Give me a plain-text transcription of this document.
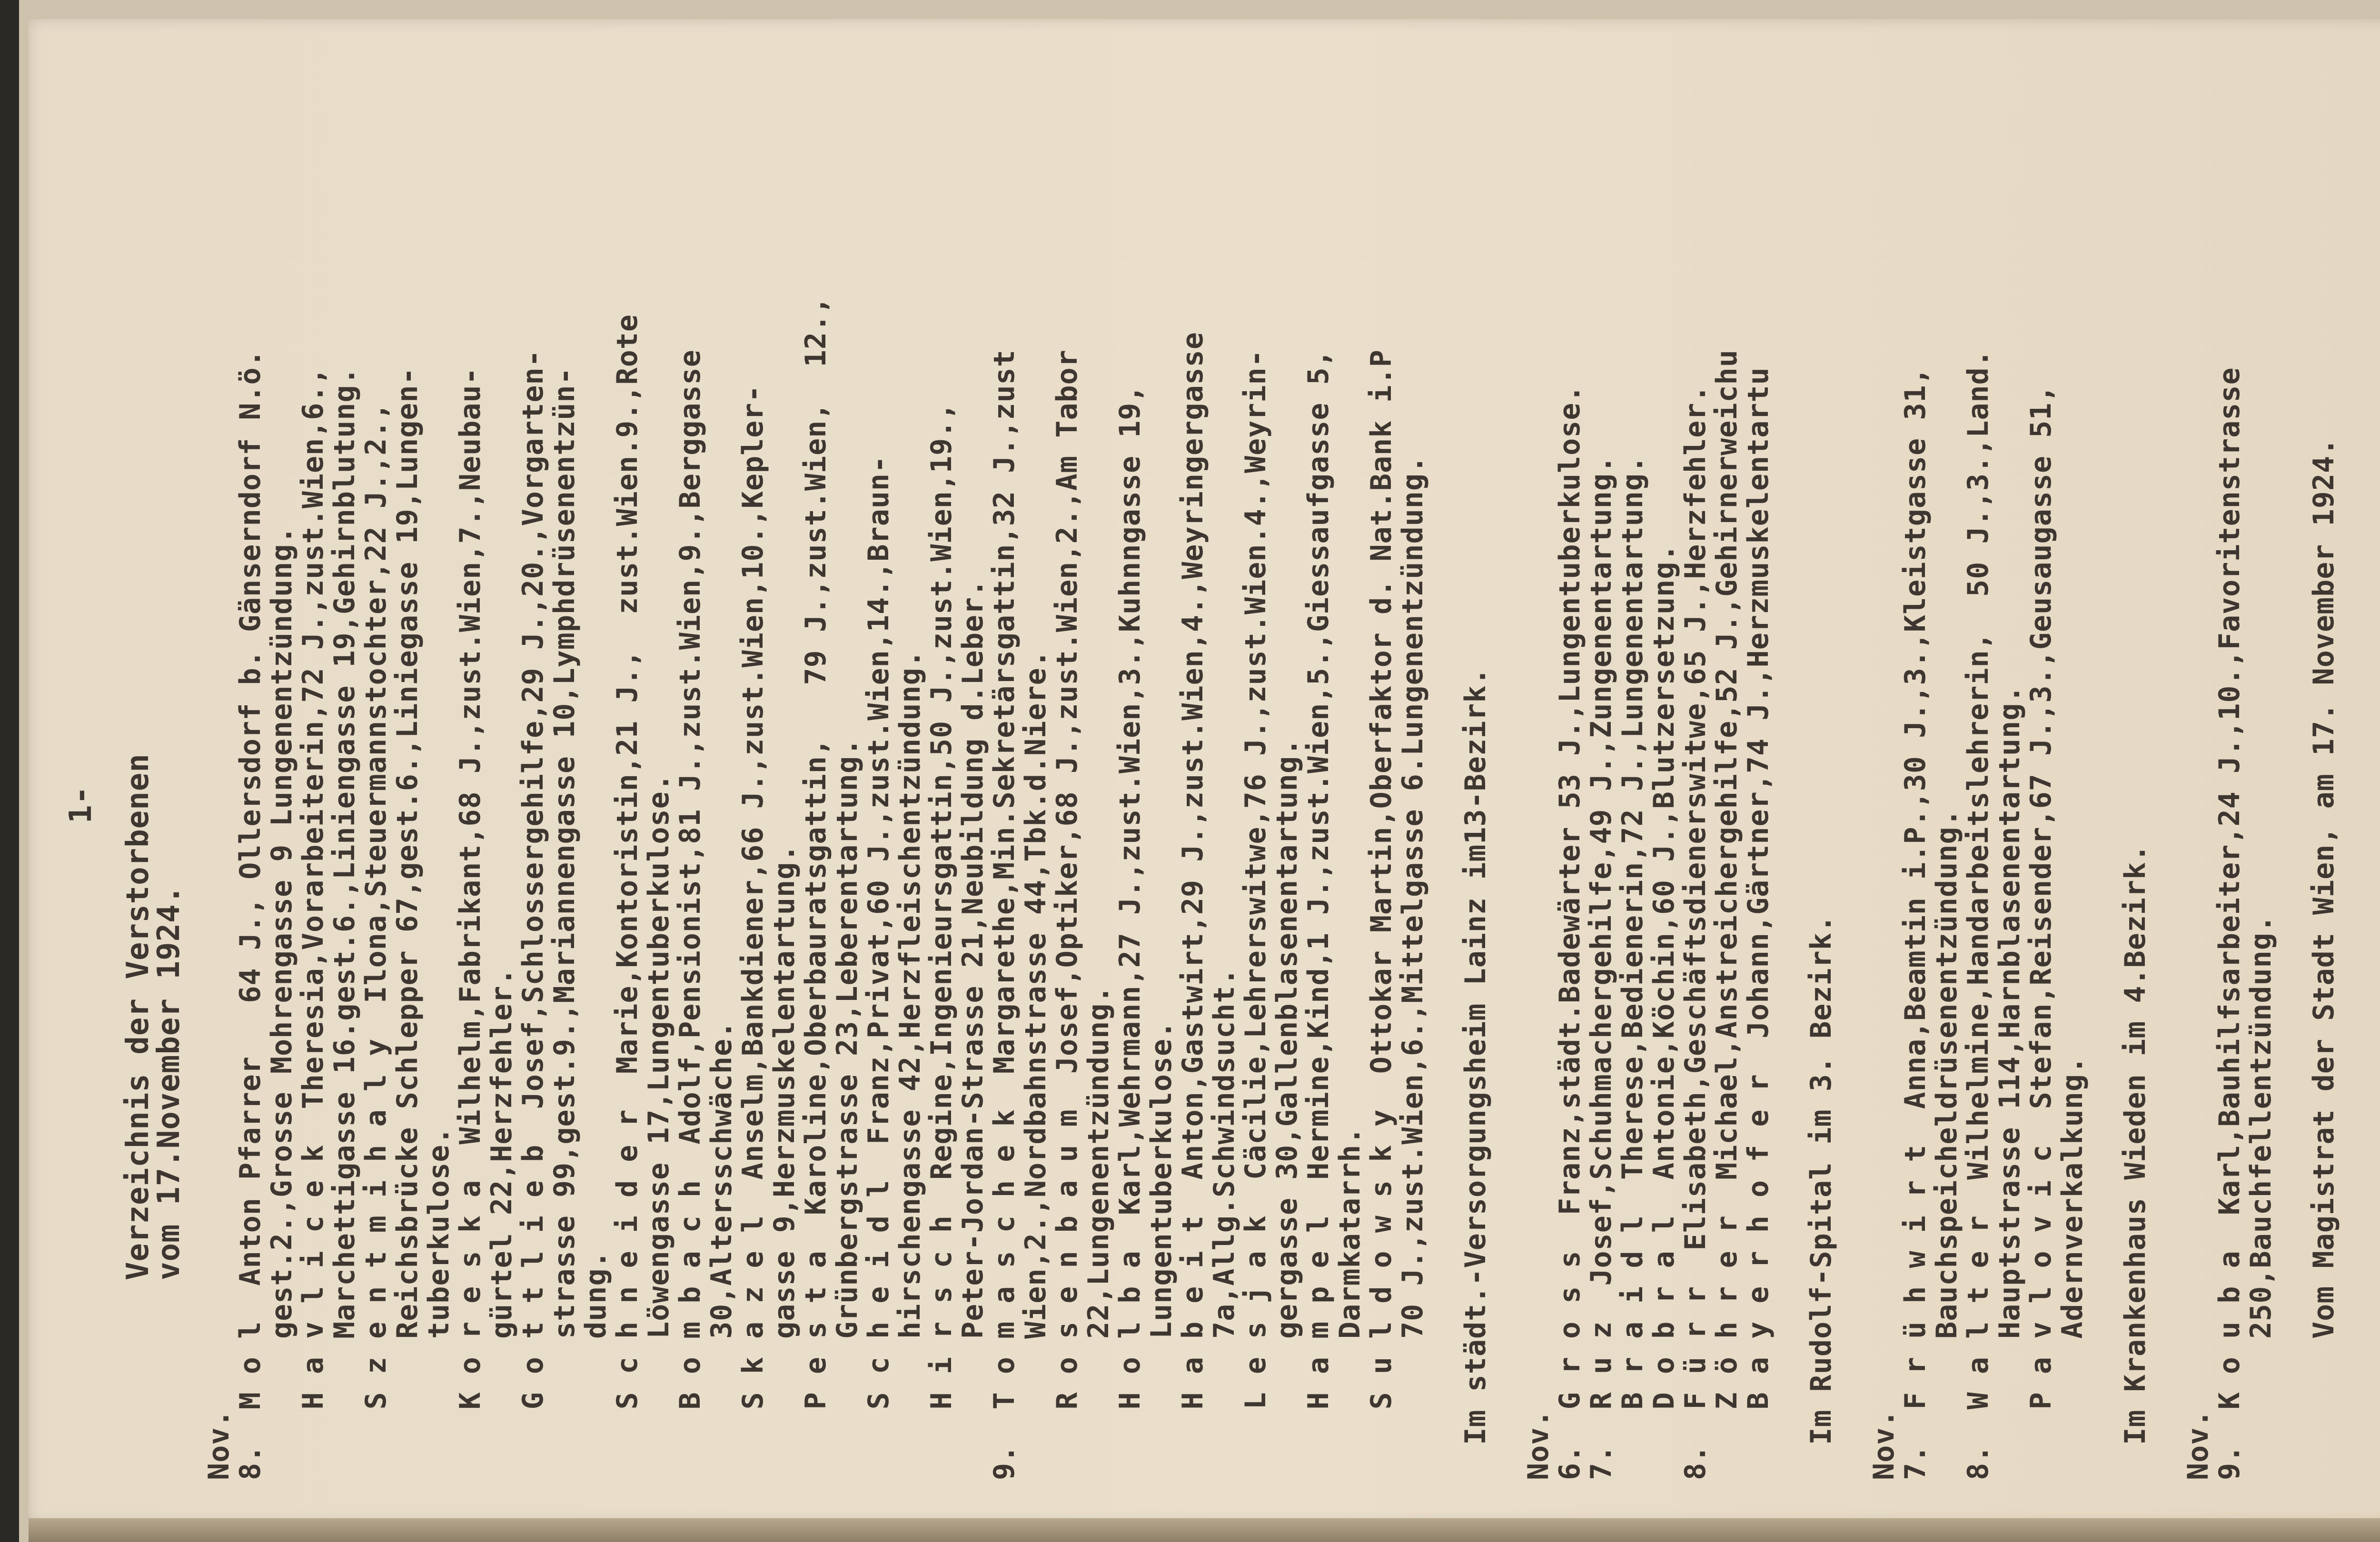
1- Verzeichnis der Verstorbenen
vom 17.November 1924.
Nov.
8.  M o l  Anton Pfarrer   64 J., Ollersdorf b. Gänserndorf N.ö.
gest.2.,Grosse Mohrengasse 9 Lungenentzündung.
H a v l i c e k  Theresia,Vorarbeiterin,72 J.,zust.Wien,6.,
Marchettigasse 16.gest.6.,Liniengasse 19,Gehirnblutung.
S z e n t m i h a l y  Ilona,Steuermannstochter,22 J.,2.,
Reichsbrücke Schlepper 67,gest.6.,Liniegasse 19,Lungen-
tuberkulose.
K o r e s k a  Wilhelm,Fabrikant,68 J.,zust.Wien,7.,Neubau-
gürtel 22,Herzfehler.
G o t t l i e b  Josef,Schlossergehilfe,29 J.,20.,Vorgarten-
strasse 99,gest.9.,Mariannengasse 10,Lymphdrüsenentzün-
dung.
S c h n e i d e r  Marie,Kontoristin,21 J.,  zust.Wien.9.,Rote
Löwengasse 17,Lungentuberkulose.
B o m b a c h  Adolf,Pensionist,81 J.,zust.Wien,9.,Berggasse
30,Altersschwäche.
S k a z e l  Anselm,Bankdiener,66 J.,zust.Wien,10.,Kepler-
gasse 9,Herzmuskelentartung.
P e s t a  Karoline,Oberbauratsgattin,   79 J.,zust.Wien,  12.,
Grünbergstrasse 23,Leberentartung.
S c h e i d l  Franz,Privat,60 J.,zust.Wien,14.,Braun-
hirschengasse 42,Herzfleischentzündung.
H i r s c h  Regine,Ingenieursgattin,50 J.,zust.Wien,19.,
Peter-Jordan-Strasse 21,Neubildung d.Leber.
9.  T o m a s c h e k  Margarethe,Min.Sekretärsgattin,32 J.,zust
Wien,2.,Nordbahnstrasse 44,Tbk.d.Niere.
R o s e n b a u m  Josef,Optiker,68 J.,zust.Wien,2.,Am Tabor
22,Lungenentzündung.
H o l b a  Karl,Wehrmann,27 J.,zust.Wien,3.,Kuhnngasse 19,
Lungentuberkulose.
H a b e i t  Anton,Gastwirt,29 J.,zust.Wien,4.,Weyringergasse
7a,Allg.Schwindsucht.
L e s j a k  Cäcilie,Lehrerswitwe,76 J.,zust.Wien.4.,Weyrin-
gergasse 30,Gallenblasenentartung.
H a m p e l  Hermine,Kind,1 J.,zust.Wien,5.,Giessaufgasse 5,
Darmkatarrh.
S u l d o w s k y  Ottokar Martin,Oberfaktor d. Nat.Bank i.P
70 J.,zust.Wien,6.,Mittelgasse 6.Lungenentzündung. Im städt.-Versorgungsheim Lainz im13-Bezirk. Nov.
6.  G r o s s  Franz,städt.Badewärter 53 J.,Lungentuberkulose.
7.  R u z  Josef,Schuhmachergehilfe,49 J.,Zungenentartung.
B r a i d l  Therese,Bedienerin,72 J.,Lungenentartung.
D o b r a l  Antonie,Köchin,60 J.,Blutzersetzung.
8.  F ü r r  Elisabeth,Geschäftsdienerswitwe,65 J.,Herzfehler.
Z ö h r e r  Michael,Anstreichergehilfe,52 J.,Gehirnerweichu
B a y e r h o f e r  Johann,Gärtner,74 J.,Herzmuskelentartu Im Rudolf-Spital im 3. Bezirk. Nov.
7.  F r ü h w i r t  Anna,Beamtin i.P.,30 J.,3.,Kleistgasse 31,
Bauchspeicheldrüsenentzündung.
8.  W a l t e r  Wilhelmine,Handarbeitslehrerin,  50 J.,3.,Land.
Hauptstrasse 114,Harnblasenentartung.
P a v l o v i c  Stefan,Reisender,67 J.,3.,Geusaugasse 51,
Adernverkalkung. Im Krankenhaus Wieden im 4.Bezirk. Nov.
9.  K o u b a  Karl,Bauhilfsarbeiter,24 J.,10.,Favoritenstrasse
250,Bauchfellentzündung. Vom Magistrat der Stadt Wien, am 17. November 1924.
